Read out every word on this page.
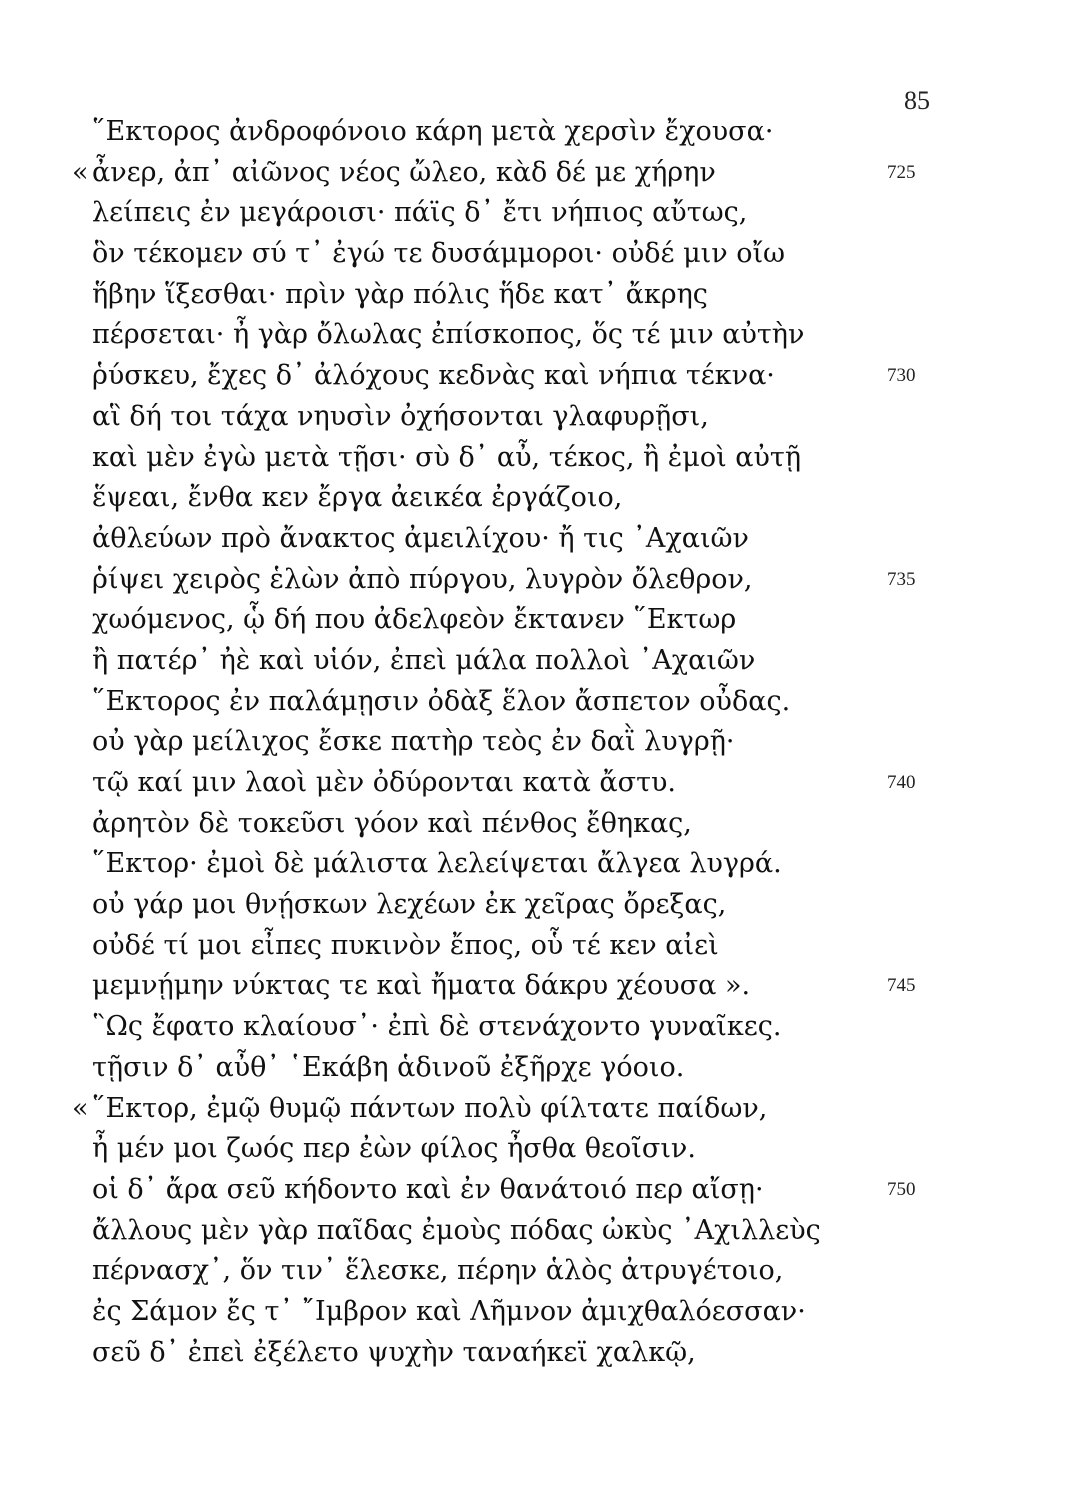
85
῞Εκτορος ἀνδροφόνοιο κάρη μετὰ χερσὶν ἔχουσα·
« ἆνερ, ἀπ᾽ αἰῶνος νέος ὤλεο, κὰδ δέ με χήρην	725
λείπεις ἐν μεγάροισι· πάϊς δ᾽ ἔτι νήπιος αὔτως,
ὃν τέκομεν σύ τ᾽ ἐγώ τε δυσάμμοροι· οὐδέ μιν οἴω
ἥβην ἵξεσθαι· πρὶν γὰρ πόλις ἥδε κατ᾽ ἄκρης
πέρσεται· ἦ γὰρ ὄλωλας ἐπίσκοπος, ὅς τέ μιν αὐτὴν
ῥύσκευ, ἔχες δ᾽ ἀλόχους κεδνὰς καὶ νήπια τέκνα·	730
αἳ δή τοι τάχα νηυσὶν ὀχήσονται γλαφυρῇσι,
καὶ μὲν ἐγὼ μετὰ τῇσι· σὺ δ᾽ αὖ, τέκος, ἢ ἐμοὶ αὐτῇ
ἕψεαι, ἔνθα κεν ἔργα ἀεικέα ἐργάζοιο,
ἀθλεύων πρὸ ἄνακτος ἀμειλίχου· ἤ τις ᾿Αχαιῶν
ῥίψει χειρὸς ἑλὼν ἀπὸ πύργου, λυγρὸν ὄλεθρον,	735
χωόμενος, ᾧ δή που ἀδελφεὸν ἔκτανεν ῞Εκτωρ
ἢ πατέρ᾽ ἠὲ καὶ υἱόν, ἐπεὶ μάλα πολλοὶ ᾿Αχαιῶν
῞Εκτορος ἐν παλάμῃσιν ὀδὰξ ἕλον ἄσπετον οὖδας.
οὐ γὰρ μείλιχος ἔσκε πατὴρ τεὸς ἐν δαῒ λυγρῇ·
τῷ καί μιν λαοὶ μὲν ὀδύρονται κατὰ ἄστυ.	740
ἀρητὸν δὲ τοκεῦσι γόον καὶ πένθος ἔθηκας,
῞Εκτορ· ἐμοὶ δὲ μάλιστα λελείψεται ἄλγεα λυγρά.
οὐ γάρ μοι θνῄσκων λεχέων ἐκ χεῖρας ὄρεξας,
οὐδέ τί μοι εἶπες πυκινὸν ἔπος, οὗ τέ κεν αἰεὶ
μεμνῄμην νύκτας τε καὶ ἤματα δάκρυ χέουσα ».	745
῝Ως ἔφατο κλαίουσ᾽· ἐπὶ δὲ στενάχοντο γυναῖκες.
τῇσιν δ᾽ αὖθ᾽ ῾Εκάβη ἁδινοῦ ἐξῆρχε γόοιο.
« ῞Εκτορ, ἐμῷ θυμῷ πάντων πολὺ φίλτατε παίδων,
ἦ μέν μοι ζωός περ ἐὼν φίλος ἦσθα θεοῖσιν.
οἱ δ᾽ ἄρα σεῦ κήδοντο καὶ ἐν θανάτοιό περ αἴσῃ·	750
ἄλλους μὲν γὰρ παῖδας ἐμοὺς πόδας ὠκὺς ᾿Αχιλλεὺς
πέρνασχ᾽, ὅν τιν᾽ ἕλεσκε, πέρην ἁλὸς ἀτρυγέτοιο,
ἐς Σάμον ἔς τ᾽ ῎Ιμβρον καὶ Λῆμνον ἀμιχθαλόεσσαν·
σεῦ δ᾽ ἐπεὶ ἐξέλετο ψυχὴν ταναήκεϊ χαλκῷ,
